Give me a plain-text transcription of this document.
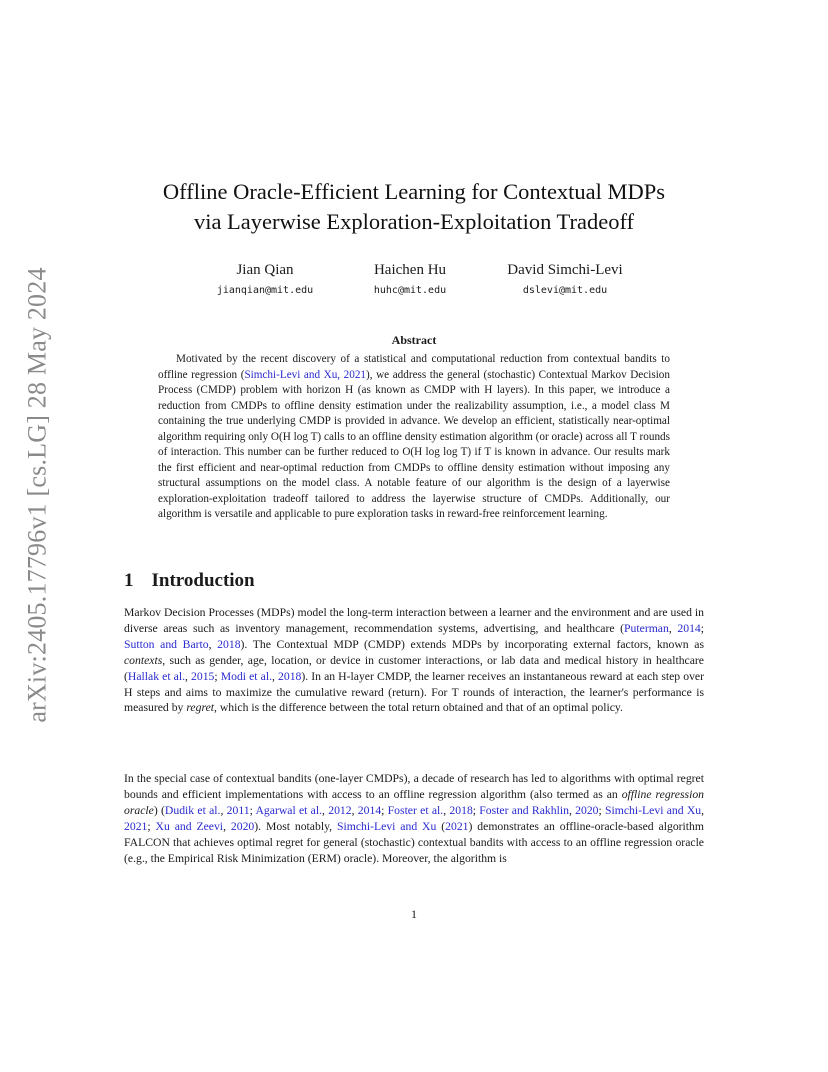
arXiv:2405.17796v1 [cs.LG] 28 May 2024
Offline Oracle-Efficient Learning for Contextual MDPs
via Layerwise Exploration-Exploitation Tradeoff
Jian Qian
jianqian@mit.edu
Haichen Hu
huhc@mit.edu
David Simchi-Levi
dslevi@mit.edu
Abstract
Motivated by the recent discovery of a statistical and computational reduction from contextual bandits to offline regression (Simchi-Levi and Xu, 2021), we address the general (stochastic) Contextual Markov Decision Process (CMDP) problem with horizon H (as known as CMDP with H layers). In this paper, we introduce a reduction from CMDPs to offline density estimation under the realizability assumption, i.e., a model class M containing the true underlying CMDP is provided in advance. We develop an efficient, statistically near-optimal algorithm requiring only O(H log T) calls to an offline density estimation algorithm (or oracle) across all T rounds of interaction. This number can be further reduced to O(H log log T) if T is known in advance. Our results mark the first efficient and near-optimal reduction from CMDPs to offline density estimation without imposing any structural assumptions on the model class. A notable feature of our algorithm is the design of a layerwise exploration-exploitation tradeoff tailored to address the layerwise structure of CMDPs. Additionally, our algorithm is versatile and applicable to pure exploration tasks in reward-free reinforcement learning.
1 Introduction
Markov Decision Processes (MDPs) model the long-term interaction between a learner and the environment and are used in diverse areas such as inventory management, recommendation systems, advertising, and healthcare (Puterman, 2014; Sutton and Barto, 2018). The Contextual MDP (CMDP) extends MDPs by incorporating external factors, known as contexts, such as gender, age, location, or device in customer interactions, or lab data and medical history in healthcare (Hallak et al., 2015; Modi et al., 2018). In an H-layer CMDP, the learner receives an instantaneous reward at each step over H steps and aims to maximize the cumulative reward (return). For T rounds of interaction, the learner's performance is measured by regret, which is the difference between the total return obtained and that of an optimal policy.
In the special case of contextual bandits (one-layer CMDPs), a decade of research has led to algorithms with optimal regret bounds and efficient implementations with access to an offline regression algorithm (also termed as an offline regression oracle) (Dudik et al., 2011; Agarwal et al., 2012, 2014; Foster et al., 2018; Foster and Rakhlin, 2020; Simchi-Levi and Xu, 2021; Xu and Zeevi, 2020). Most notably, Simchi-Levi and Xu (2021) demonstrates an offline-oracle-based algorithm FALCON that achieves optimal regret for general (stochastic) contextual bandits with access to an offline regression oracle (e.g., the Empirical Risk Minimization (ERM) oracle). Moreover, the algorithm is
1
